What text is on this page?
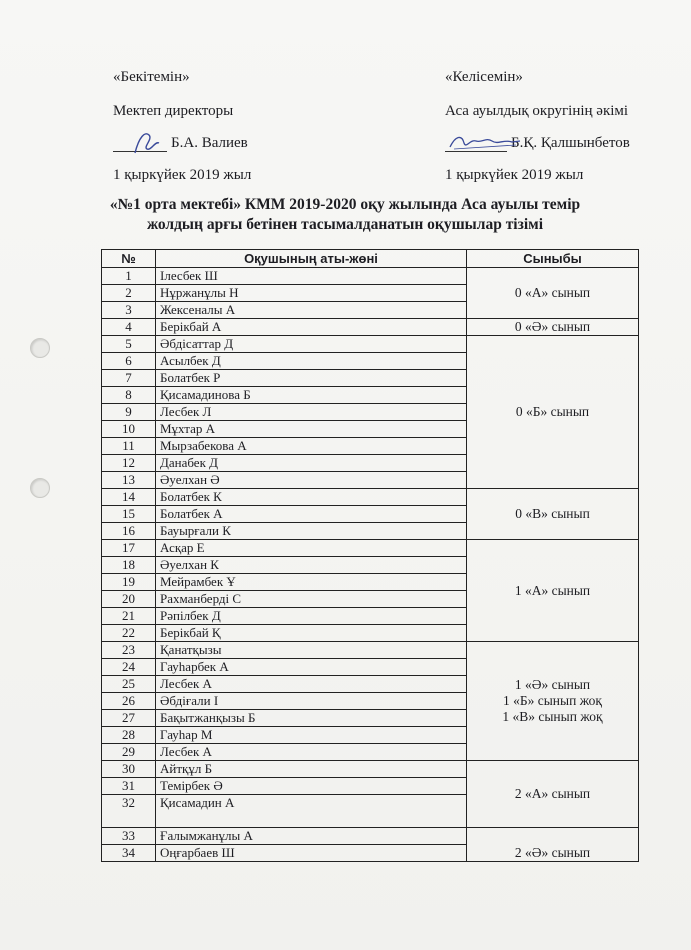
«Бекітемін»
Мектеп директоры
Б.А. Валиев
1 қыркүйек 2019 жыл
«Келісемін»
Аса ауылдық округінің әкімі
Б.Қ. Қалшынбетов
1 қыркүйек 2019 жыл
«№1 орта мектебі» КММ 2019-2020 оқу жылында Аса ауылы темір
жолдың арғы бетінен тасымалданатын оқушылар тізімі
№	Оқушының аты-жөні	Сыныбы
1	Ілесбек Ш	0 «А» сынып
2	Нұржанұлы Н	
3	Жексеналы А	
4	Берікбай А	0 «Ә» сынып
5	Әбдісаттар Д	0 «Б» сынып
6	Асылбек Д	
7	Болатбек Р	
8	Қисамадинова Б	
9	Лесбек Л	
10	Мұхтар А	
11	Мырзабекова А	
12	Данабек Д	
13	Әуелхан Ә	
14	Болатбек К	0 «В» сынып
15	Болатбек А	
16	Бауырғали К	
17	Асқар Е	1 «А» сынып
18	Әуелхан К	
19	Мейрамбек Ұ	
20	Рахманберді С	
21	Рәпілбек Д	
22	Берікбай Қ	
23	Қанатқызы	1 «Ә» сынып
1 «Б» сынып жоқ
1 «В» сынып жоқ

24	Гауһарбек А	
25	Лесбек А	
26	Әбдіғали І	
27	Бақытжанқызы Б	
28	Гауһар М	
29	Лесбек А	
30	Айтқұл Б	2 «А» сынып
31	Темірбек Ә	
32	Қисамадин А	
33	Ғалымжанұлы А	2 «Ә» сынып
34	Оңғарбаев Ш	
